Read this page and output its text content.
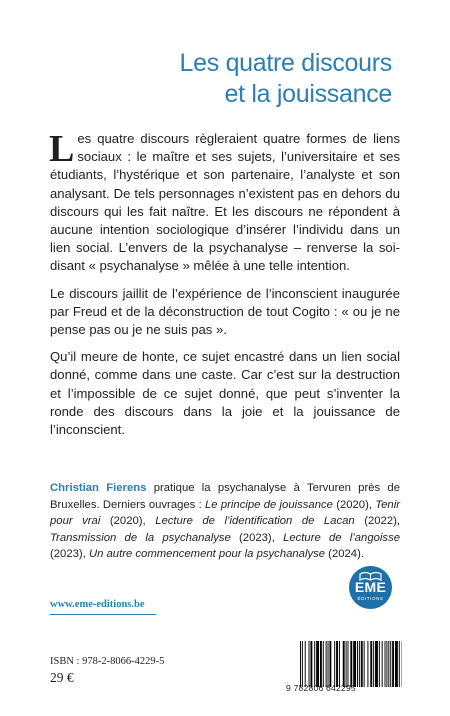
Les quatre discours
et la jouissance

Les quatre discours règleraient quatre formes de liens sociaux : le maître et ses sujets, l’universitaire et ses étudiants, l’hystérique et son partenaire, l’analyste et son analysant. De tels personnages n’existent pas en dehors du discours qui les fait naître. Et les discours ne répondent à aucune intention sociologique d’insérer l’individu dans un lien social. L’envers de la psychanalyse – renverse la soi-disant « psychanalyse » mêlée à une telle intention.

Le discours jaillit de l’expérience de l’inconscient inaugurée par Freud et de la déconstruction de tout Cogito : « ou je ne pense pas ou je ne suis pas ».

Qu’il meure de honte, ce sujet encastré dans un lien social donné, comme dans une caste. Car c’est sur la destruction et l’impossible de ce sujet donné, que peut s’inventer la ronde des discours dans la joie et la jouissance de l’inconscient.

Christian Fierens pratique la psychanalyse à Tervuren près de Bruxelles. Derniers ouvrages : Le principe de jouissance (2020), Tenir pour vrai (2020), Lecture de l’identification de Lacan (2022), Transmission de la psychanalyse (2023), Lecture de l’angoisse (2023), Un autre commencement pour la psychanalyse (2024).
www.eme-editions.be
EME
ÉDITIONS
ISBN : 978-2-8066-4229-5
29 €
9 782806 642295
